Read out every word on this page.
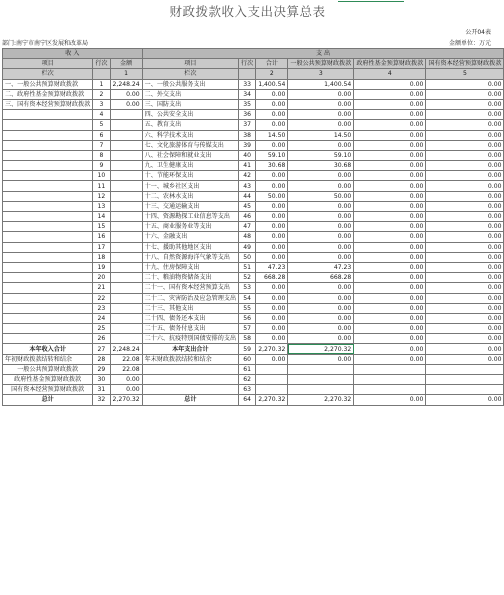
财政拨款收入支出决算总表
公开04表
部门:南宁市南宁区发展和改革局	金额单位：万元
收 入			支 出					
项目	行次	金额	项目	行次	合计	一般公共预算财政拨款	政府性基金预算财政拨款	国有资本经营预算财政拨款
栏次		1	栏次		2	3	4	5
一、一般公共预算财政拨款	1	2,248.24	一、一般公共服务支出	33	1,400.54	1,400.54	0.00	0.00
二、政府性基金预算财政拨款	2	0.00	二、外交支出	34	0.00	0.00	0.00	0.00
三、国有资本经营预算财政拨款	3	0.00	三、国防支出	35	0.00	0.00	0.00	0.00
	4		四、公共安全支出	36	0.00	0.00	0.00	0.00
	5		五、教育支出	37	0.00	0.00	0.00	0.00
	6		六、科学技术支出	38	14.50	14.50	0.00	0.00
	7		七、文化旅游体育与传媒支出	39	0.00	0.00	0.00	0.00
	8		八、社会保障和就业支出	40	59.10	59.10	0.00	0.00
	9		九、卫生健康支出	41	30.68	30.68	0.00	0.00
	10		十、节能环保支出	42	0.00	0.00	0.00	0.00
	11		十一、城乡社区支出	43	0.00	0.00	0.00	0.00
	12		十二、农林水支出	44	50.00	50.00	0.00	0.00
	13		十三、交通运输支出	45	0.00	0.00	0.00	0.00
	14		十四、资源勘探工业信息等支出	46	0.00	0.00	0.00	0.00
	15		十五、商业服务业等支出	47	0.00	0.00	0.00	0.00
	16		十六、金融支出	48	0.00	0.00	0.00	0.00
	17		十七、援助其他地区支出	49	0.00	0.00	0.00	0.00
	18		十八、自然资源海洋气象等支出	50	0.00	0.00	0.00	0.00
	19		十九、住房保障支出	51	47.23	47.23	0.00	0.00
	20		二十、粮油物资储备支出	52	668.28	668.28	0.00	0.00
	21		二十一、国有资本经营预算支出	53	0.00	0.00	0.00	0.00
	22		二十二、灾害防治及应急管理支出	54	0.00	0.00	0.00	0.00
	23		二十三、其他支出	55	0.00	0.00	0.00	0.00
	24		二十四、债务还本支出	56	0.00	0.00	0.00	0.00
	25		二十五、债务付息支出	57	0.00	0.00	0.00	0.00
	26		二十六、抗疫特别国债安排的支出	58	0.00	0.00	0.00	0.00
本年收入合计	27	2,248.24	本年支出合计	59	2,270.32	2,270.32	0.00	0.00
年初财政拨款结转和结余	28	22.08	年末财政拨款结转和结余	60	0.00	0.00	0.00	0.00
一般公共预算财政拨款	29	22.08		61				
政府性基金预算财政拨款	30	0.00		62				
国有资本经营预算财政拨款	31	0.00		63				
总计	32	2,270.32	总计	64	2,270.32	2,270.32	0.00	0.00
